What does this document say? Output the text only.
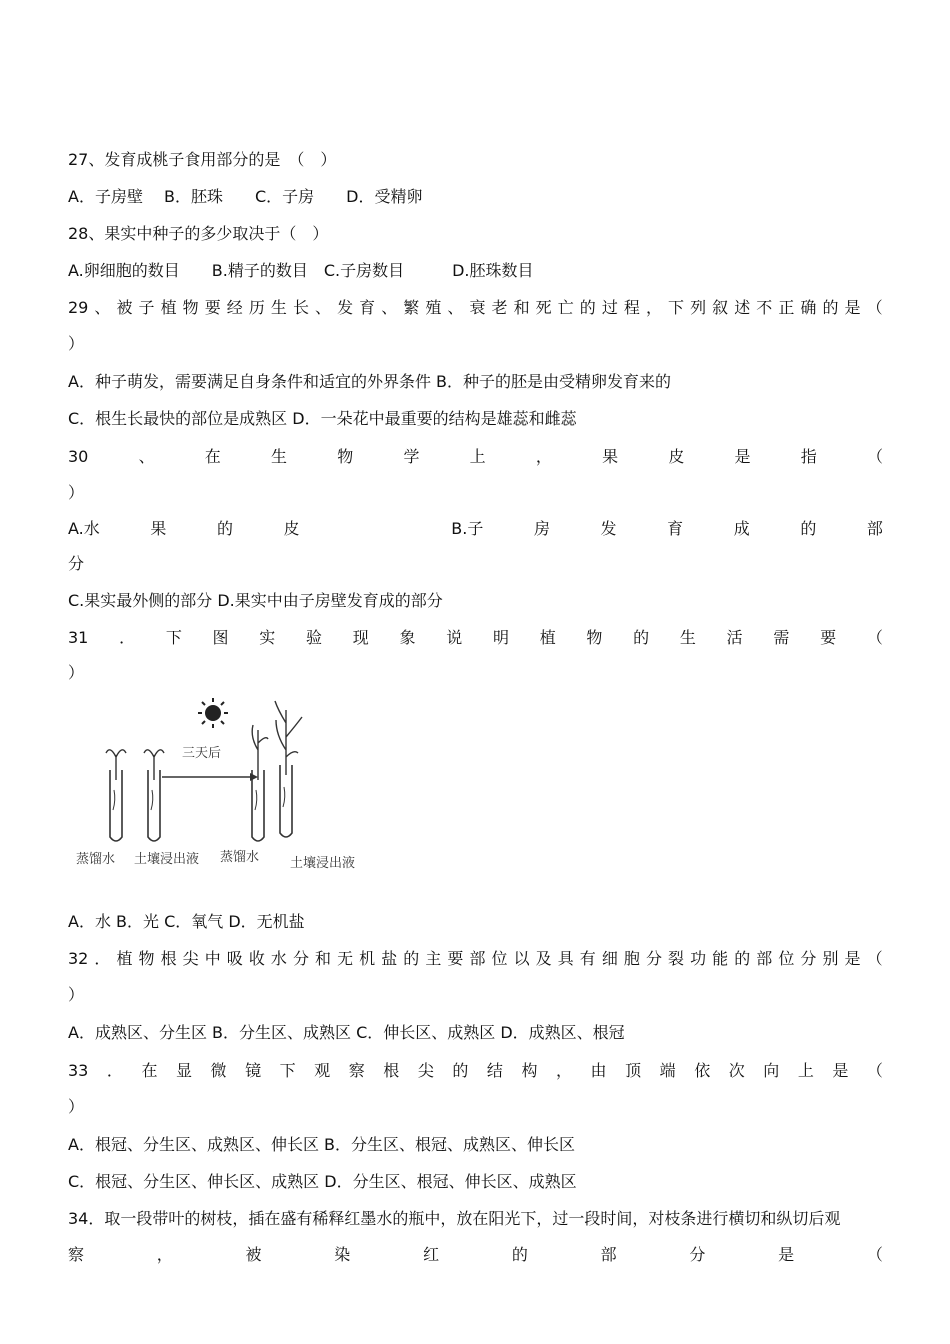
27、发育成桃子食用部分的是　（　）
A．子房壁　 B．胚珠　　C．子房　　D．受精卵
28、果实中种子的多少取决于（　）
A.卵细胞的数目　　B.精子的数目　C.子房数目　　　D.胚珠数目
29 、 被 子 植 物 要 经 历 生 长 、 发 育 、 繁 殖 、 衰 老 和 死 亡 的 过 程 ， 下 列 叙 述 不 正 确 的 是 （
）
A．种子萌发，需要满足自身条件和适宜的外界条件 B．种子的胚是由受精卵发育来的
C．根生长最快的部位是成熟区 D．一朵花中最重要的结构是雄蕊和雌蕊
30	、	在	生	物	学	上	，	果	皮	是	指	（
）
A.水	果	的	皮	B.子	房	发	育	成	的	部
分
C.果实最外侧的部分 D.果实中由子房壁发育成的部分
31 ． 下 图 实 验 现 象 说 明 植 物 的 生 活 需 要 （
）
三天后
蒸馏水 土壤浸出液 蒸馏水 土壤浸出液
A．水 B．光 C．氧气 D．无机盐
32 ． 植 物 根 尖 中 吸 收 水 分 和 无 机 盐 的 主 要 部 位 以 及 具 有 细 胞 分 裂 功 能 的 部 位 分 别 是 （
）
A．成熟区、分生区 B．分生区、成熟区 C．伸长区、成熟区 D．成熟区、根冠
33 ． 在 显 微 镜 下 观 察 根 尖 的 结 构 ， 由 顶 端 依 次 向 上 是 （
）
A．根冠、分生区、成熟区、伸长区 B．分生区、根冠、成熟区、伸长区
C．根冠、分生区、伸长区、成熟区 D．分生区、根冠、伸长区、成熟区
34．取一段带叶的树枝，插在盛有稀释红墨水的瓶中，放在阳光下，过一段时间，对枝条进行横切和纵切后观
察	，	被	染	红	的	部	分	是	（
